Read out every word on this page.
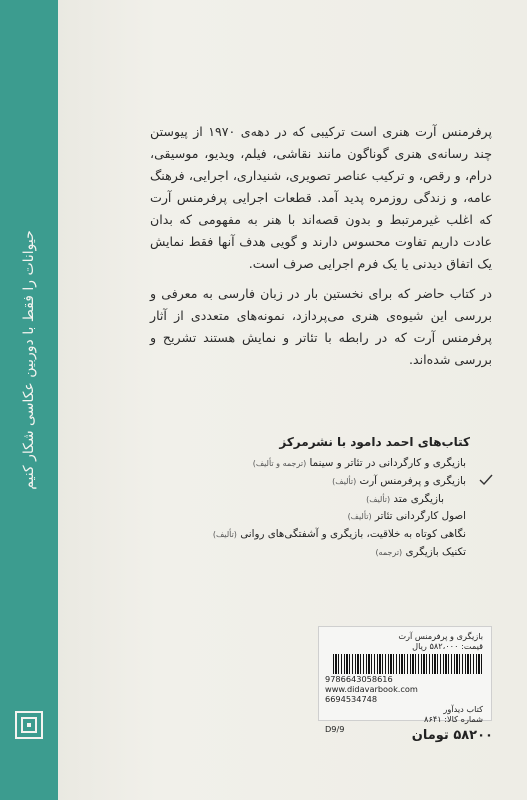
حیوانات را فقط با دوربین عکاسی شکار کنیم

پرفرمنس آرت هنری است ترکیبی که در دهه‌ی ۱۹۷۰ از پیوستن چند رسانه‌ی هنری گوناگون مانند نقاشی، فیلم، ویدیو، موسیقی، درام، و رقص، و ترکیب عناصر تصویری، شنیداری، اجرایی، فرهنگ عامه، و زندگی روزمره پدید آمد. قطعات اجرایی پرفرمنس آرت که اغلب غیرمرتبط و بدون قصه‌اند با هنر به مفهومی که بدان عادت داریم تفاوت محسوس دارند و گویی هدف آنها فقط نمایش یک اتفاق دیدنی یا یک فرم اجرایی صرف است.

در کتاب حاضر که برای نخستین بار در زبان فارسی به معرفی و بررسی این شیوه‌ی هنری می‌پردازد، نمونه‌های متعددی از آثار پرفرمنس آرت که در رابطه با تئاتر و نمایش هستند تشریح و بررسی شده‌اند.

کتاب‌های احمد دامود با نشرمرکز
بازیگری و کارگردانی در تئاتر و سینما (ترجمه و تألیف)
بازیگری و پرفرمنس آرت (تألیف)
بازیگری متد (تألیف)
اصول کارگردانی تئاتر (تألیف)
نگاهی کوتاه به خلاقیت، بازیگری و آشفتگی‌های روانی (تألیف)
تکنیک بازیگری (ترجمه)
بازیگری و پرفرمنس آرت
قیمت: ۵۸۲،۰۰۰ ریال
9786643058616
www.didavarbook.com
6694534748
کتاب دیدآور
شماره کالا: ۸۶۴۱
D9/9	۵۸۲۰۰ تومان
